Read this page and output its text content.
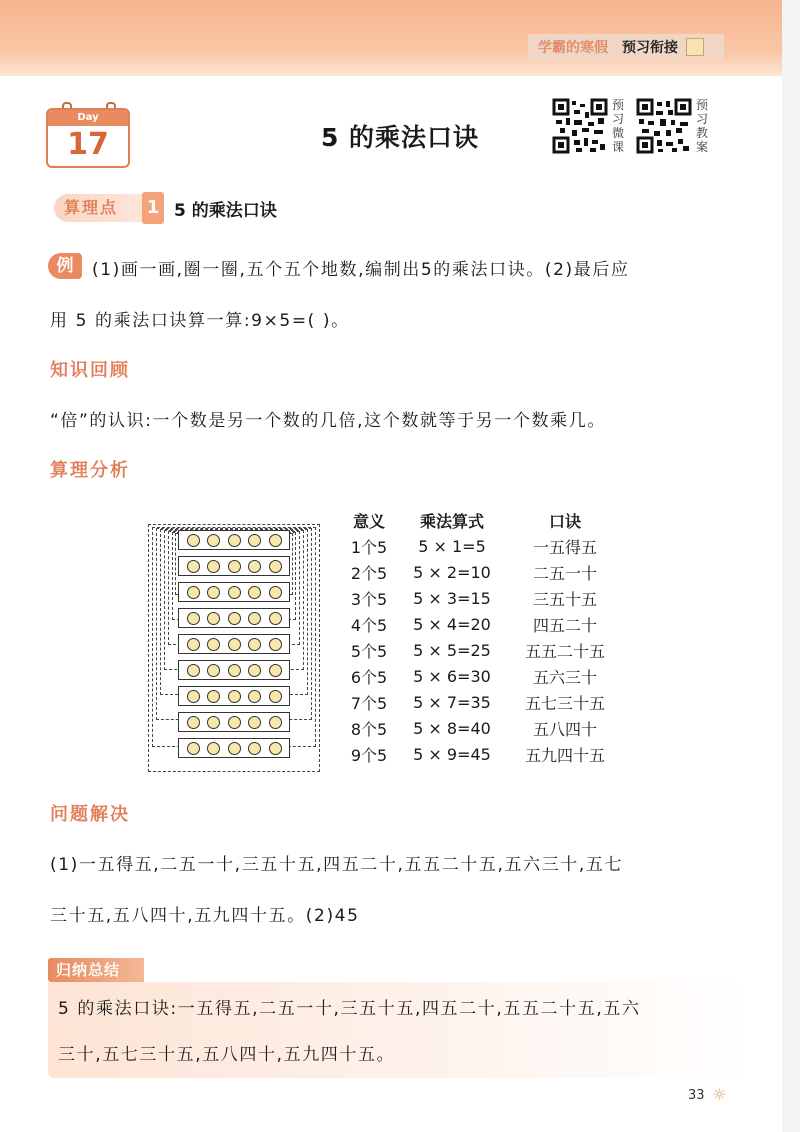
学霸的寒假 预习衔接
Day
17	5 的乘法口诀
预习微课
预习教案
算理点	1 5 的乘法口诀
例	(1)画一画,圈一圈,五个五个地数,编制出5的乘法口诀。(2)最后应
用 5 的乘法口诀算一算:9×5=( )。
知识回顾
“倍”的认识:一个数是另一个数的几倍,这个数就等于另一个数乘几。
算理分析
意义	乘法算式	口诀
1个5	5 × 1=5	一五得五
2个5	5 × 2=10	二五一十
3个5	5 × 3=15	三五十五
4个5	5 × 4=20	四五二十
5个5	5 × 5=25	五五二十五
6个5	5 × 6=30	五六三十
7个5	5 × 7=35	五七三十五
8个5	5 × 8=40	五八四十
9个5	5 × 9=45	五九四十五
问题解决
(1)一五得五,二五一十,三五十五,四五二十,五五二十五,五六三十,五七
三十五,五八四十,五九四十五。(2)45
归纳总结
5 的乘法口诀:一五得五,二五一十,三五十五,四五二十,五五二十五,五六
三十,五七三十五,五八四十,五九四十五。
33 ☼
